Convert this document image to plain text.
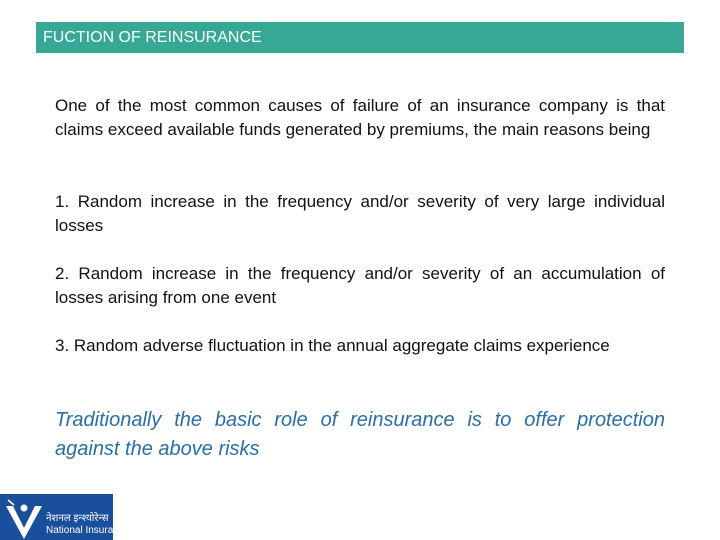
FUCTION OF REINSURANCE

One of the most common causes of failure of an insurance company is that claims exceed available funds generated by premiums, the main reasons being

1. Random increase in the frequency and/or severity of very large individual losses

2. Random increase in the frequency and/or severity of an accumulation of losses arising from one event

3. Random adverse fluctuation in the annual aggregate claims experience

Traditionally the basic role of reinsurance is to offer protection against the above risks

नेशनल इन्श्योरेन्स
National Insurance
